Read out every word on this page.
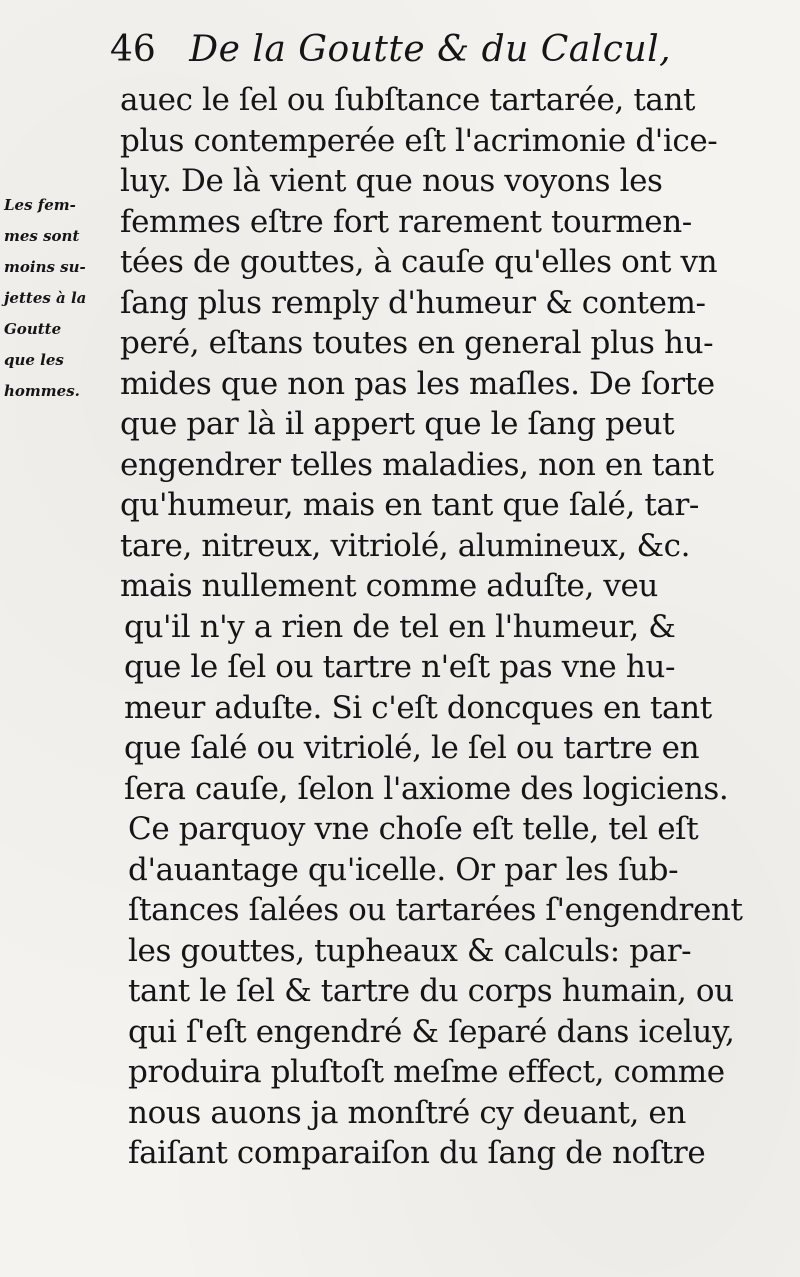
46 De la Goutte & du Calcul,
Les fem-
mes sont
moins su-
jettes à la
Goutte
que les
hommes.
auec le ſel ou ſubſtance tartarée, tant
plus contemperée eſt l'acrimonie d'ice-
luy. De là vient que nous voyons les
femmes eſtre fort rarement tourmen-
tées de gouttes, à cauſe qu'elles ont vn
ſang plus remply d'humeur & contem-
peré, eſtans toutes en general plus hu-
mides que non pas les maſles. De ſorte
que par là il appert que le ſang peut
engendrer telles maladies, non en tant
qu'humeur, mais en tant que ſalé, tar-
tare, nitreux, vitriolé, alumineux, &c.
mais nullement comme aduſte, veu
qu'il n'y a rien de tel en l'humeur, &
que le ſel ou tartre n'eſt pas vne hu-
meur aduſte. Si c'eſt doncques en tant
que ſalé ou vitriolé, le ſel ou tartre en
ſera cauſe, ſelon l'axiome des logiciens.
Ce parquoy vne choſe eſt telle, tel eſt
d'auantage qu'icelle. Or par les ſub-
ſtances ſalées ou tartarées ſ'engendrent
les gouttes, tupheaux & calculs: par-
tant le ſel & tartre du corps humain, ou
qui ſ'eſt engendré & ſeparé dans iceluy,
produira pluſtoſt meſme effect, comme
nous auons ja monſtré cy deuant, en
faiſant comparaiſon du ſang de noſtre
